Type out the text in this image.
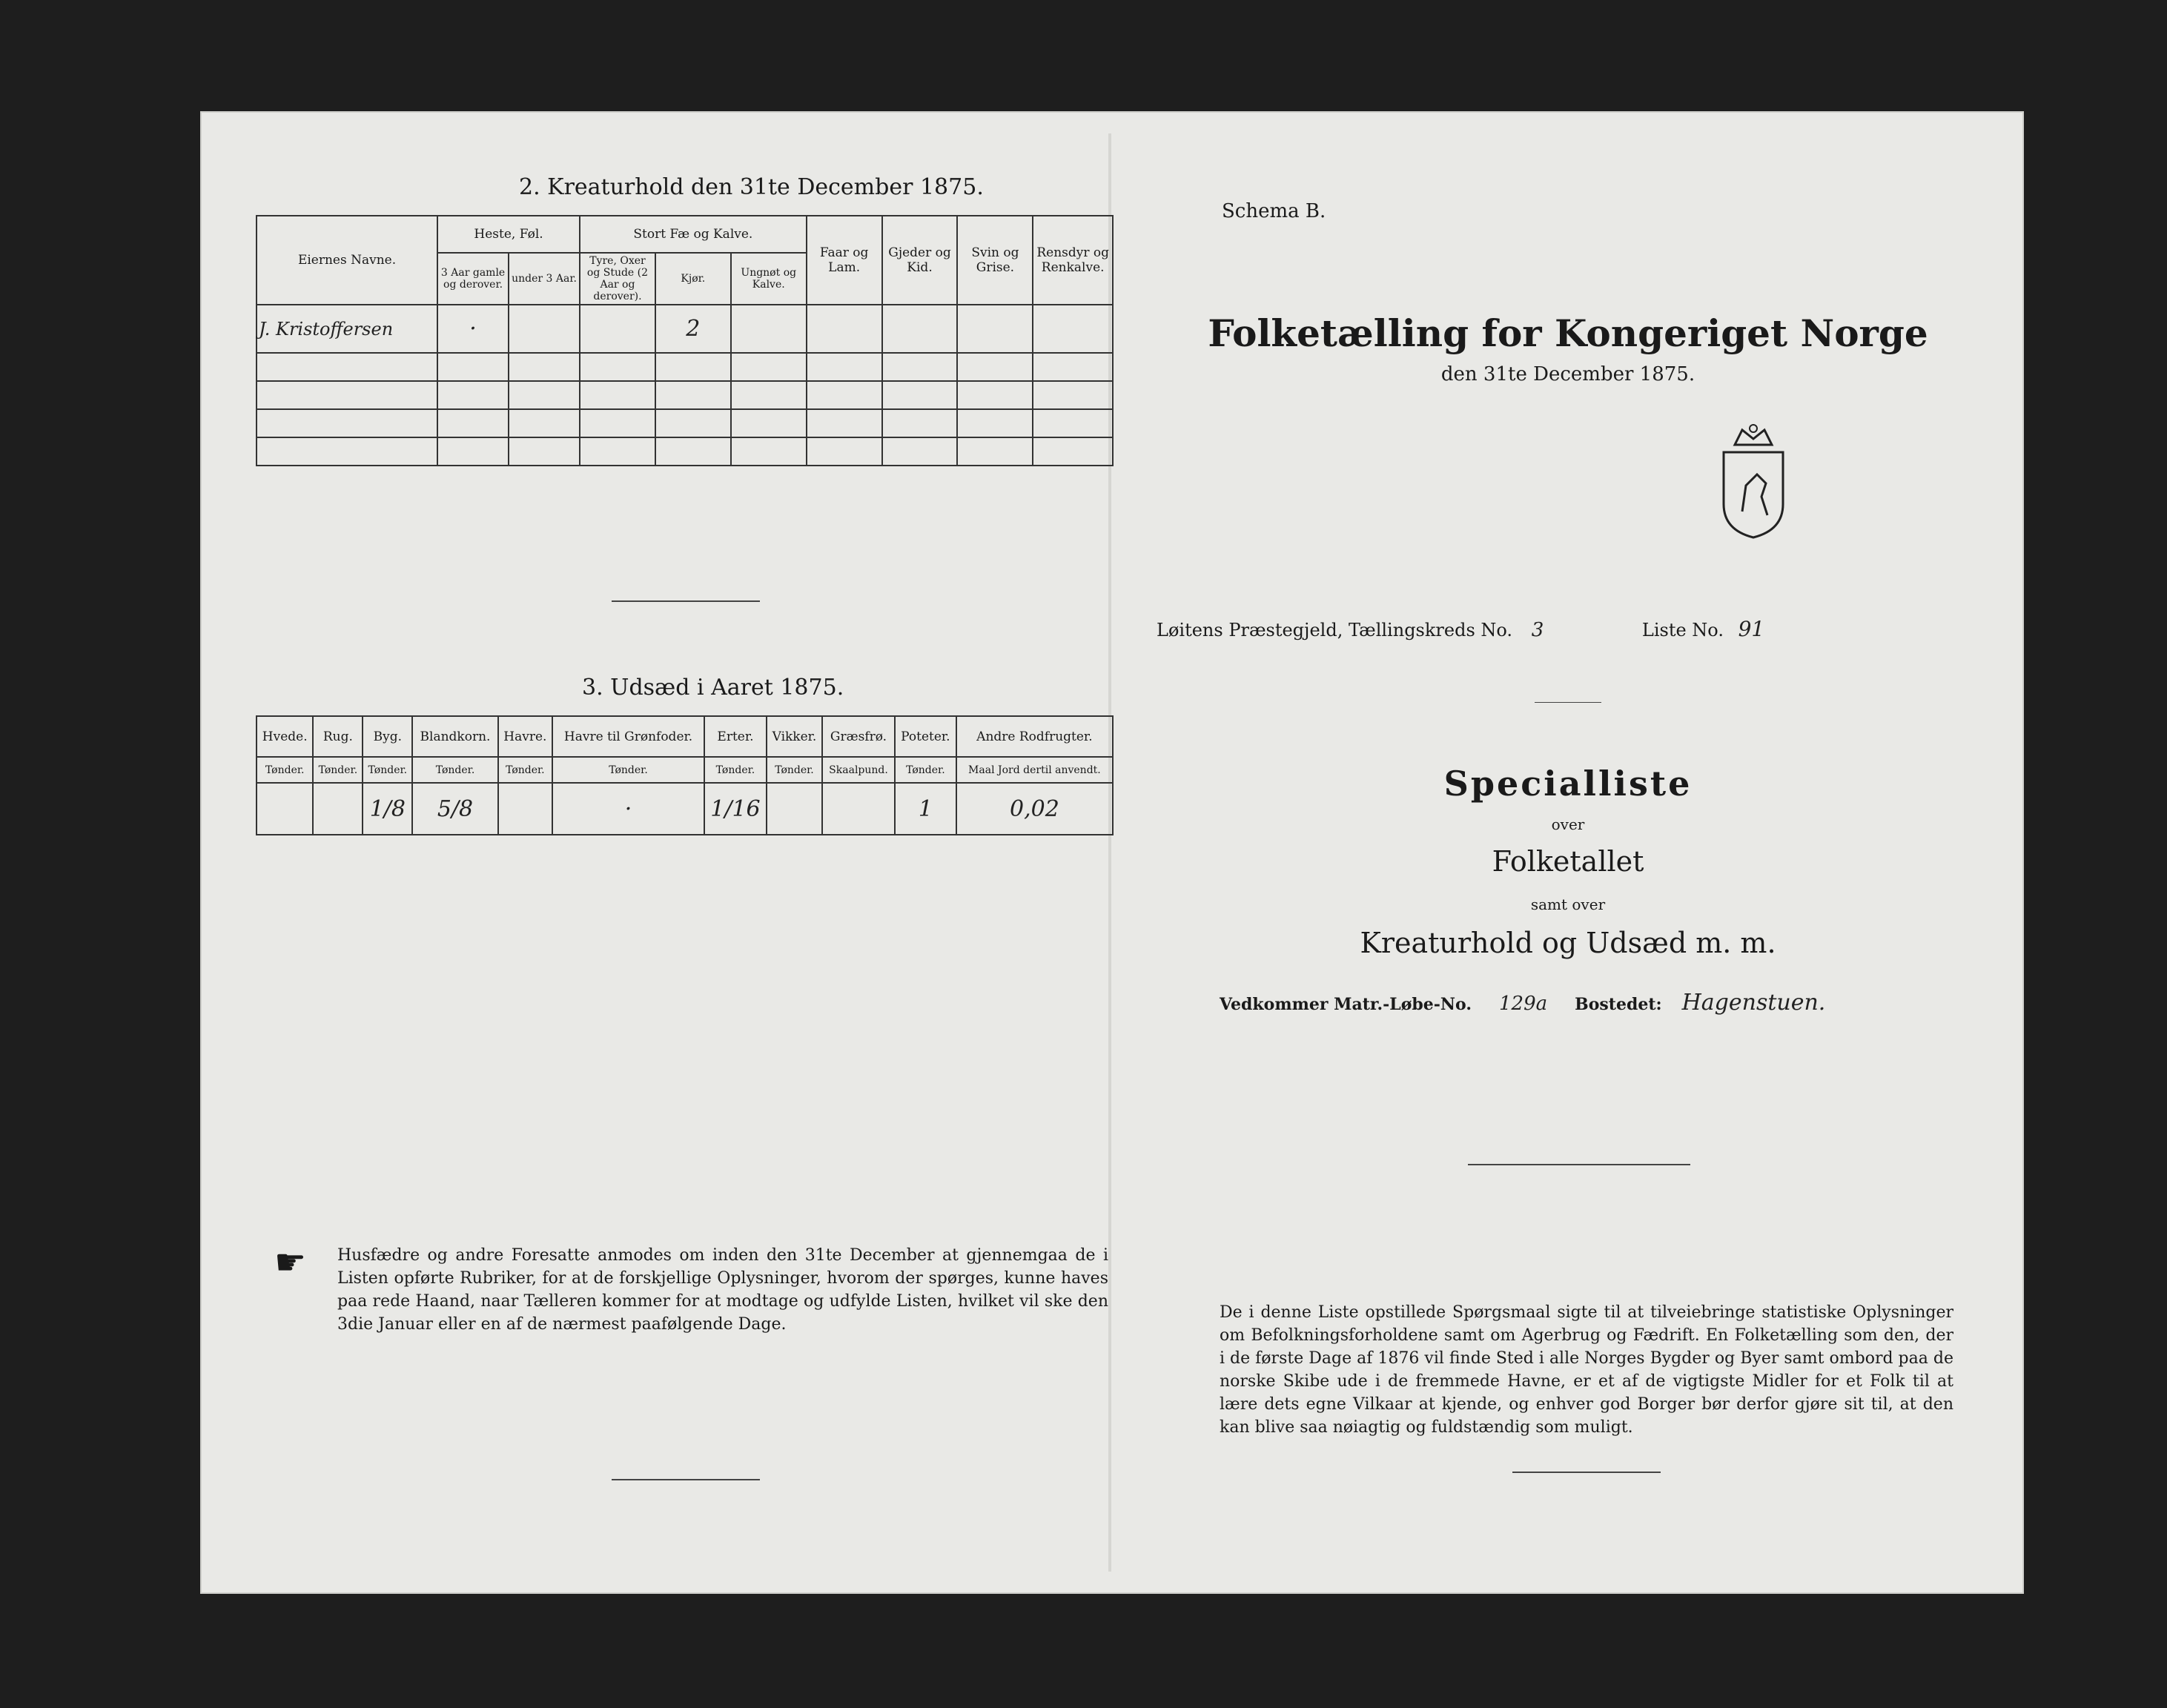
2. Kreaturhold den 31te December 1875.
Eiernes Navne.	Heste, Føl.		Stort Fæ og Kalve.			Faar og Lam.	Gjeder og Kid.	Svin og Grise.	Rensdyr og Renkalve.
	3 Aar gamle og derover.	under 3 Aar.	Tyre, Oxer og Stude (2 Aar og derover).	Kjør.	Ungnøt og Kalve.				
J. Kristoffersen	·			2					

3. Udsæd i Aaret 1875.
Hvede.	Rug.	Byg.	Blandkorn.	Havre.	Havre til Grønfoder.	Erter.	Vikker.	Græsfrø.	Poteter.	Andre Rodfrugter.
Tønder.	Tønder.	Tønder.	Tønder.	Tønder.	Tønder.	Tønder.	Tønder.	Skaalpund.	Tønder.	Maal Jord dertil anvendt.
		1/8	5/8		·	1/16			1	0,02
☛ Husfædre og andre Foresatte anmodes om inden den 31te December at gjennemgaa de i Listen opførte Rubriker, for at de forskjellige Oplysninger, hvorom der spørges, kunne haves paa rede Haand, naar Tælleren kommer for at modtage og udfylde Listen, hvilket vil ske den 3die Januar eller en af de nærmest paafølgende Dage.
Schema B.
Folketælling for Kongeriget Norge
den 31te December 1875.
Løitens Præstegjeld, Tællingskreds No. 3	Liste No. 91
Specialliste
over
Folketallet
samt over
Kreaturhold og Udsæd m. m.
Vedkommer Matr.-Løbe-No. 129a Bostedet: Hagenstuen.
De i denne Liste opstillede Spørgsmaal sigte til at tilveiebringe statistiske Oplysninger om Befolkningsforholdene samt om Agerbrug og Fædrift. En Folketælling som den, der i de første Dage af 1876 vil finde Sted i alle Norges Bygder og Byer samt ombord paa de norske Skibe ude i de fremmede Havne, er et af de vigtigste Midler for et Folk til at lære dets egne Vilkaar at kjende, og enhver god Borger bør derfor gjøre sit til, at den kan blive saa nøiagtig og fuldstændig som muligt.
